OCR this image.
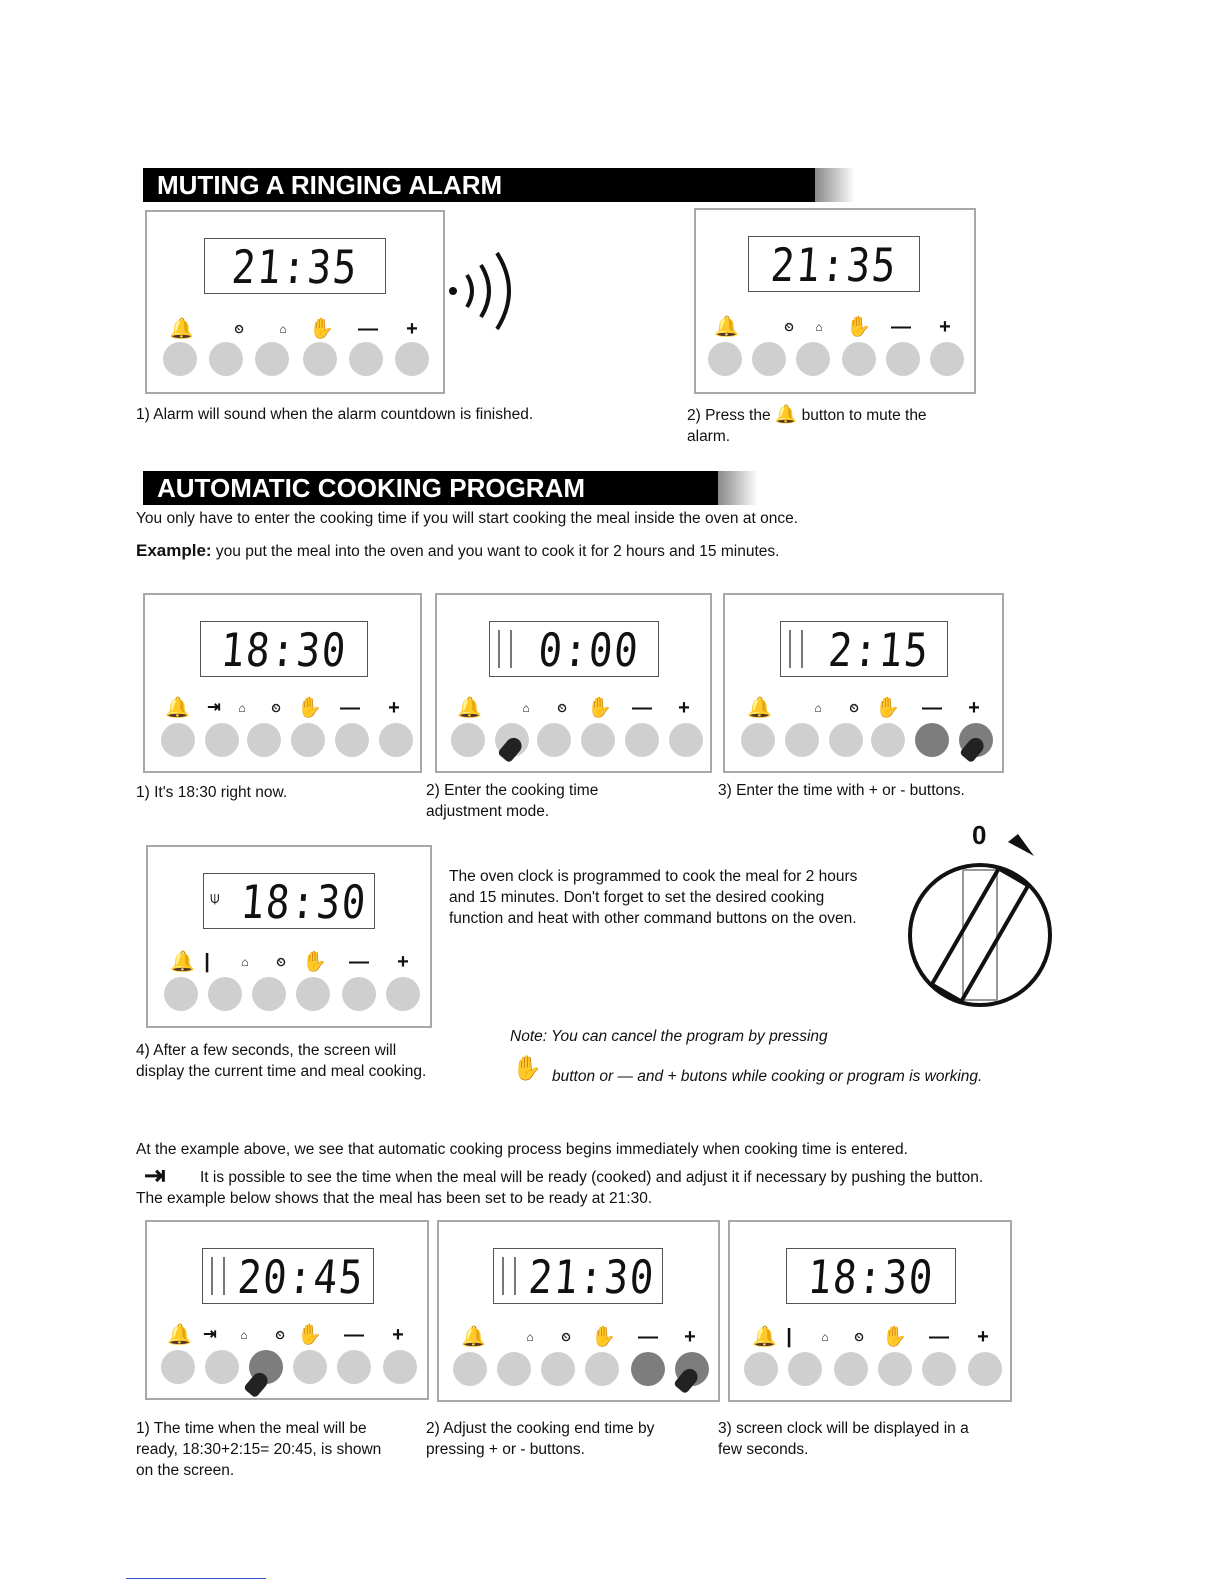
MUTING A RINGING ALARM
21:35
🔔	⏲	⌂	✋ — +
21:35
🔔	⏲	⌂	✋ — +
1) Alarm will sound when the alarm countdown is finished.	2) Press the 🔔 button to mute the alarm.
AUTOMATIC COOKING PROGRAM
You only have to enter the cooking time if you will start cooking the meal inside the oven at once.
Example: you put the meal into the oven and you want to cook it for 2 hours and 15 minutes.
18:30
🔔 ⇥	⌂	⏲ ✋ — +
0:00
🔔	⌂	⏲	✋ — +
2:15
🔔	⌂	⏲ ✋ — +
1) It's 18:30 right now.	2) Enter the cooking time adjustment mode.
3) Enter the time with + or - buttons.
⍦ 18:30
🔔 |	⌂	⏲ ✋ — +
The oven clock is programmed to cook the meal for 2 hours and 15 minutes. Don't forget to set the desired cooking function and heat with other command buttons on the oven.
0
4) After a few seconds, the screen will display the current time and meal cooking.
Note: You can cancel the program by pressing
✋ button or — and + butons while cooking or program is working.
At the example above, we see that automatic cooking process begins immediately when cooking time is entered.
⇥ It is possible to see the time when the meal will be ready (cooked) and adjust it if necessary by pushing the button.
The example below shows that the meal has been set to be ready at 21:30.
20:45
🔔 ⇥	⌂	⏲ ✋ — +
21:30
🔔	⌂	⏲	✋ — +
18:30
🔔 |	⌂	⏲ ✋ — +
1) The time when the meal will be ready, 18:30+2:15= 20:45, is shown on the screen.
2) Adjust the cooking end time by pressing + or - buttons.
3) screen clock will be displayed in a few seconds.
